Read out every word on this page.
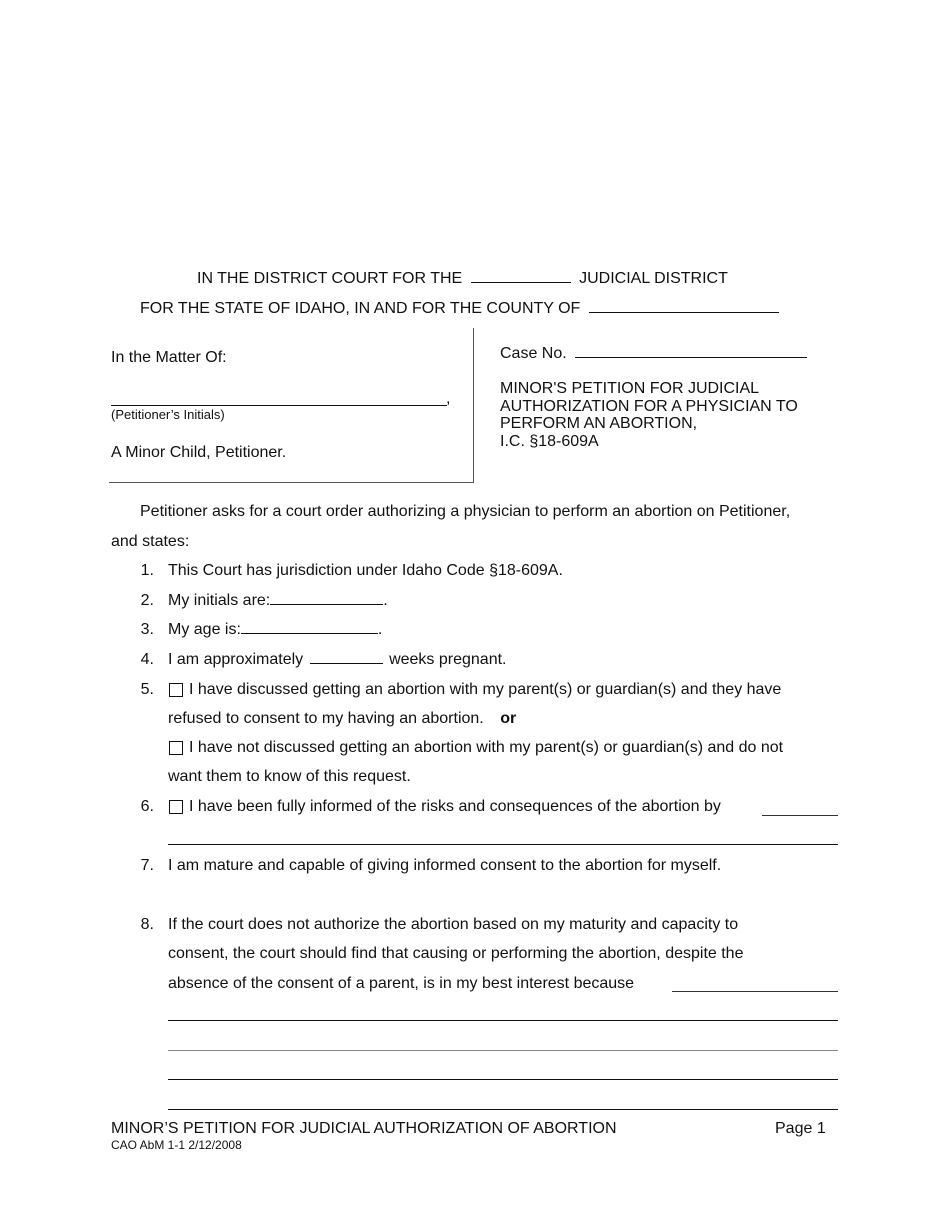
IN THE DISTRICT COURT FOR THE	JUDICIAL DISTRICT
FOR THE STATE OF IDAHO, IN AND FOR THE COUNTY OF
In the Matter Of:
,
(Petitioner’s Initials)
A Minor Child, Petitioner.
Case No.
MINOR'S PETITION FOR JUDICIAL
AUTHORIZATION FOR A PHYSICIAN TO
PERFORM AN ABORTION,
I.C. §18-609A
Petitioner asks for a court order authorizing a physician to perform an abortion on Petitioner,
and states:
1. This Court has jurisdiction under Idaho Code §18-609A.
2. My initials are:	.
3. My age is:	.
4. I am approximately	weeks pregnant.
5. I have discussed getting an abortion with my parent(s) or guardian(s) and they have
refused to consent to my having an abortion. or
I have not discussed getting an abortion with my parent(s) or guardian(s) and do not
want them to know of this request.
6. I have been fully informed of the risks and consequences of the abortion by
7. I am mature and capable of giving informed consent to the abortion for myself.
8. If the court does not authorize the abortion based on my maturity and capacity to
consent, the court should find that causing or performing the abortion, despite the
absence of the consent of a parent, is in my best interest because
MINOR’S PETITION FOR JUDICIAL AUTHORIZATION OF ABORTION
CAO AbM 1-1 2/12/2008
Page 1
